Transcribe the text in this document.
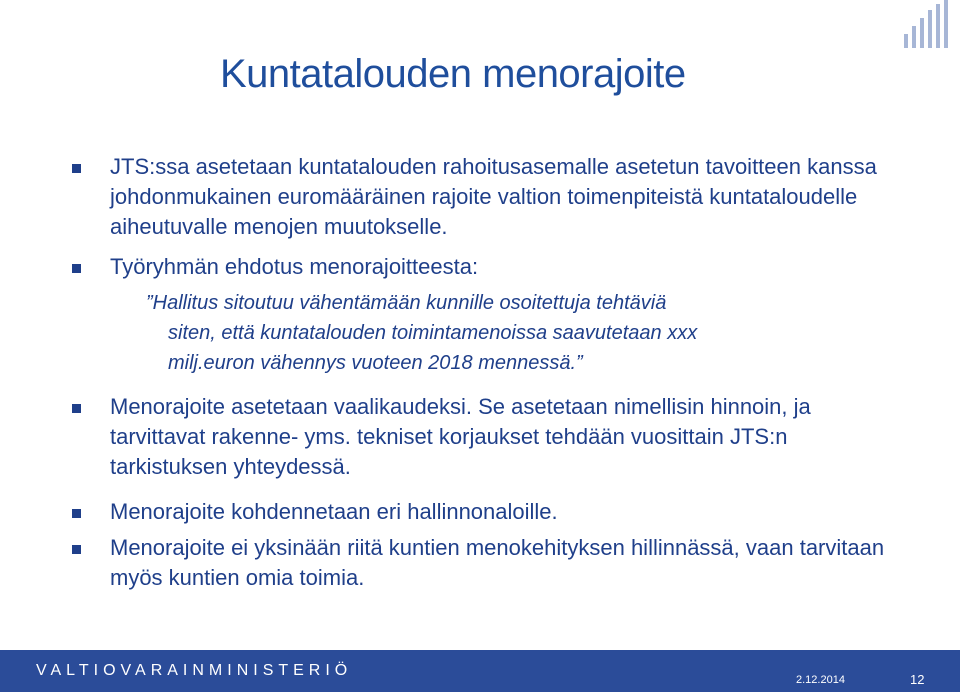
Kuntatalouden menorajoite
JTS:ssa asetetaan kuntatalouden rahoitusasemalle asetetun tavoitteen kanssa johdonmukainen euromääräinen rajoite valtion toimenpiteistä kuntataloudelle aiheutuvalle menojen muutokselle.
Työryhmän ehdotus menorajoitteesta:
”Hallitus sitoutuu vähentämään kunnille osoitettuja tehtäviä
siten, että kuntatalouden toimintamenoissa saavutetaan xxx
milj.euron vähennys vuoteen 2018 mennessä.”
Menorajoite asetetaan vaalikaudeksi. Se asetetaan nimellisin hinnoin, ja tarvittavat rakenne- yms. tekniset korjaukset tehdään vuosittain JTS:n tarkistuksen yhteydessä.
Menorajoite kohdennetaan eri hallinnonaloille.
Menorajoite ei yksinään riitä kuntien menokehityksen hillinnässä, vaan tarvitaan myös kuntien omia toimia.
VALTIOVARAINMINISTERIÖ
2.12.2014	12
